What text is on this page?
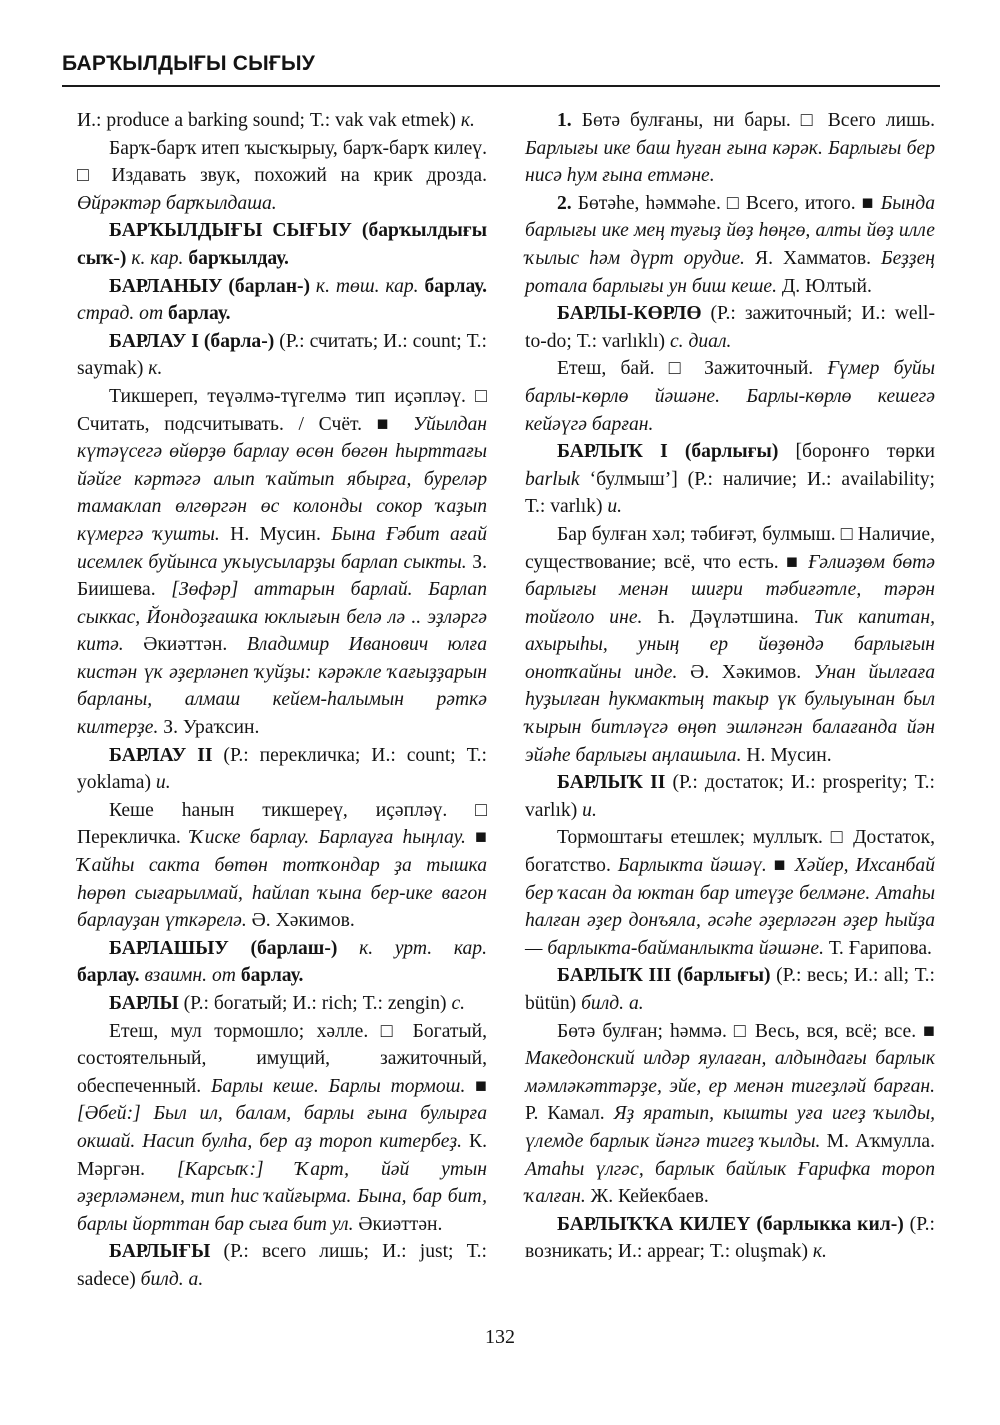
БАРҠЫЛДЫҒЫ СЫҒЫУ

И.: produce a barking sound; Т.: vak vak etmek) к.

Барҡ-барҡ итеп ҡысҡырыу, барҡ-барҡ килеү. □ Издавать звук, похожий на крик дрозда. Өйрәктәр барҡылдаша.

БАРҠЫЛДЫҒЫ СЫҒЫУ (барҡылдығы сыҡ-) к. кар. барҡылдау.

БАРЛАНЫУ (барлан-) к. төш. кар. барлау. страд. от барлау.

БАРЛАУ I (барла-) (Р.: считать; И.: count; Т.: saymak) к.

Тикшереп, теүәлмә-түгелмә тип иҫәпләү. □ Считать, подсчитывать. / Счёт. ■ Уйылдан күтәүсегә өйөрҙө барлау өсөн бөгөн һырттағы йәйге кәртәгә алып ҡайтып ябырға, буреләр тамаклап өлгөргән өс колонды сокор ҡаҙып күмергә ҡушты. Н. Мусин. Бына Ғәбит ағай исемлек буйынса уҡыусыларҙы барлап сыкты. З. Биишева. [Зөфәр] аттарын барлай. Барлап сыккас, Йондоҙғашка юклығын белә лә .. эҙләргә китә. Әкиәттән. Владимир Иванович юлға кистән үк әҙерләнеп ҡуйҙы: кәрәкле ҡағыҙҙарын барланы, алмаш кейем-һалымын рәткә килтерҙе. З. Ураҡсин.

БАРЛАУ II (Р.: перекличка; И.: count; Т.: yoklama) и.

Кеше һанын тикшереү, иҫәпләү. □ Перекличка. Ҡиске барлау. Барлауға һыңлау. ■ Ҡайһы сакта бөтөн тотҡондар ҙа тышка һөрөп сығарылмай, һайлап ҡына бер-ике вагон барлауҙан үткәрелә. Ә. Хәкимов.

БАРЛАШЫУ (барлаш-) к. урт. кар. барлау. взаимн. от барлау.

БАРЛЫ (Р.: богатый; И.: rich; Т.: zengin) с.

Етеш, мул тормошло; хәлле. □ Богатый, состоятельный, имущий, зажиточный, обеспеченный. Барлы кеше. Барлы тормош. ■ [Әбей:] Был ил, балам, барлы ғына булырға окшай. Насип булһа, бер аҙ тороп китербеҙ. К. Мәргән. [Карсыҡ:] Ҡарт, йәй утын әҙерләмәнем, тип һис ҡайғырма. Бына, бар бит, барлы йорттан бар сыға бит ул. Әкиәттән.

БАРЛЫҒЫ (Р.: всего лишь; И.: just; Т.: sadece) билд. а.

1. Бөтә булғаны, ни бары. □ Всего лишь. Барлығы ике баш һуған ғына кәрәк. Барлығы бер нисә һум ғына етмәне.

2. Бөтәһе, һәммәһе. □ Всего, итого. ■ Бында барлығы ике меӊ туғыҙ йөҙ һөӊгө, алты йөҙ илле ҡылыс һәм дүрт орудие. Я. Хамматов. Беҙҙеӊ ротала барлығы ун биш кеше. Д. Юлтый.

БАРЛЫ-КӨРЛӨ (Р.: зажиточный; И.: well-to-do; Т.: varlıklı) с. диал.

Етеш, бай. □ Зажиточный. Ғүмер буйы барлы-көрлө йәшәне. Барлы-көрлө кешегә кейәүгә барған.

БАРЛЫҠ I (барлығы) [боронғо төрки barlыk ‘булмыш’] (Р.: наличие; И.: availability; Т.: varlık) и.

Бар булған хәл; тәбиғәт, булмыш. □ Наличие, существование; всё, что есть. ■ Ғәлиәҙөм бөтә барлығы менән шиғри тәбиғәтле, тәрән тойғоло ине. Һ. Дәүләтшина. Тик капитан, ахырыһы, уныӊ ер йөҙөндә барлығын онотҡайны инде. Ә. Хәкимов. Унан йылғаға һуҙылған һукмактыӊ такыр үк булыуынан был ҡырын битләүгә өӊөп эшләнгән балағанда йән эйәһе барлығы аӊлашыла. Н. Мусин.

БАРЛЫҠ II (Р.: достаток; И.: prosperity; Т.: varlık) и.

Тормоштағы етешлек; муллыҡ. □ Достаток, богатство. Барлыкта йәшәү. ■ Хәйер, Ихсанбай бер ҡасан да юктан бар итеүҙе белмәне. Атаһы һалған әҙер донъяла, әсәһе әҙерләгән әҙер һыйҙа — барлыкта-байманлыкта йәшәне. Т. Ғарипова.

БАРЛЫҠ III (барлығы) (Р.: весь; И.: all; Т.: bütün) билд. а.

Бөтә булған; һәммә. □ Весь, вся, всё; все. ■ Македонский илдәр яулаған, алдындағы барлык мәмләкәттәрҙе, эйе, ер менән тигеҙләй барған. Р. Камал. Яҙ яратып, кышты уға игеҙ ҡылды, үлемде барлык йәнгә тигеҙ ҡылды. М. Аҡмулла. Атаһы үлгәс, барлык байлык Ғарифка тороп ҡалған. Ж. Кейекбаев.

БАРЛЫҠҠА КИЛЕҮ (барлыкка кил-) (Р.: возникать; И.: appear; Т.: oluşmak) к.

132
